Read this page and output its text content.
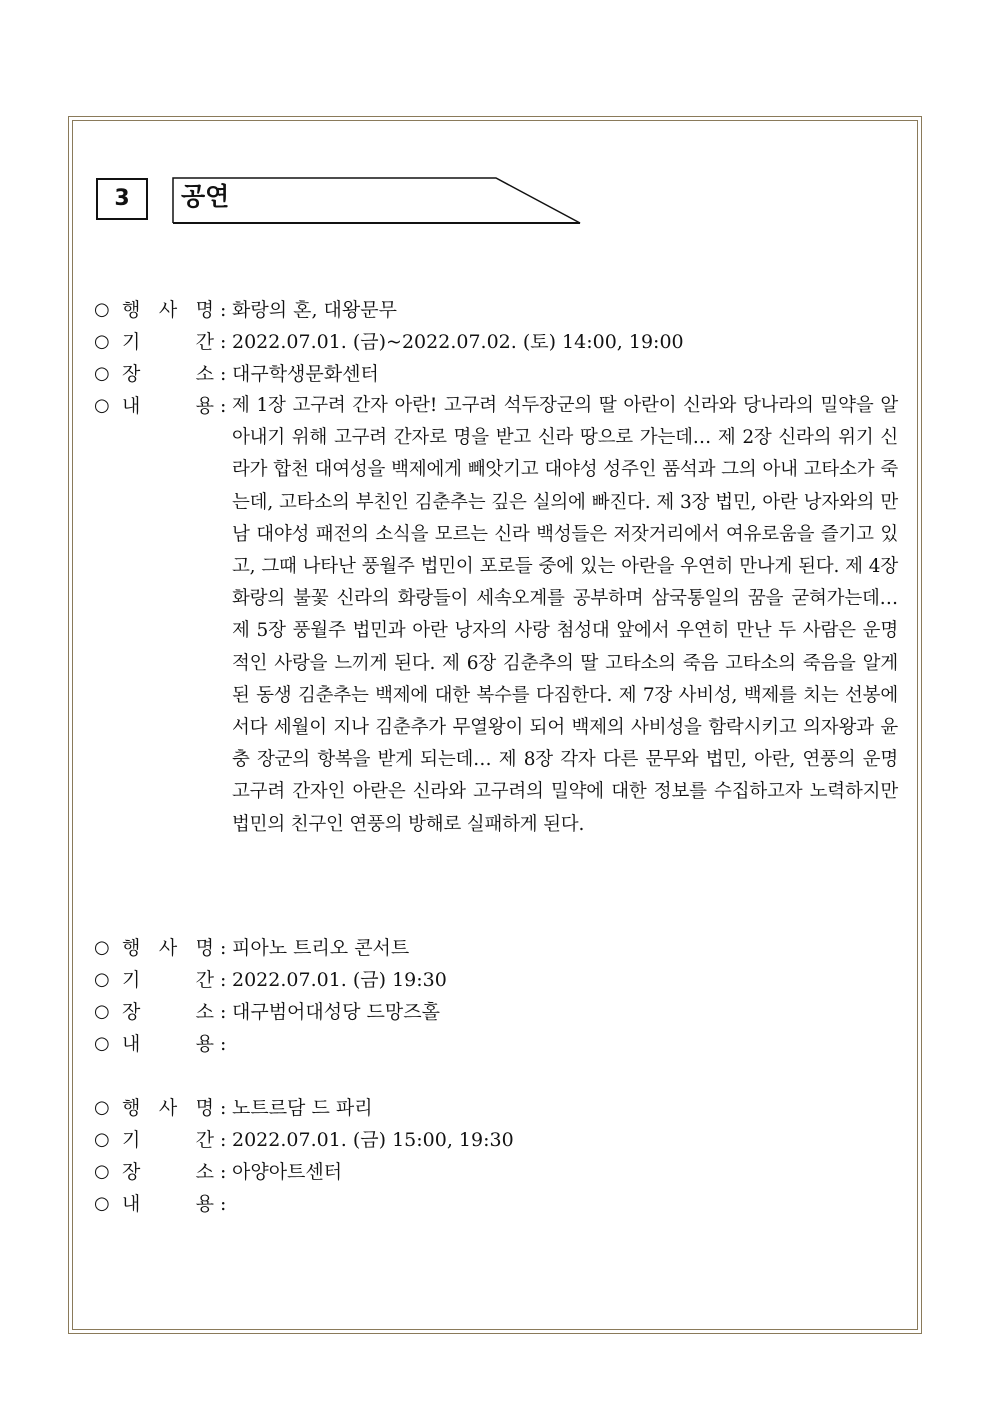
3	공연
○ 행 사 명 : 화랑의 혼, 대왕문무
○ 기	간 : 2022.07.01. (금)~2022.07.02. (토) 14:00, 19:00
○ 장	소 : 대구학생문화센터
○ 내	용 : 제 1장 고구려 간자 아란! 고구려 석두장군의 딸 아란이 신라와 당나라의 밀약을 알아내기 위해 고구려 간자로 명을 받고 신라 땅으로 가는데… 제 2장 신라의 위기 신라가 합천 대여성을 백제에게 빼앗기고 대야성 성주인 품석과 그의 아내 고타소가 죽는데, 고타소의 부친인 김춘추는 깊은 실의에 빠진다. 제 3장 법민, 아란 낭자와의 만남 대야성 패전의 소식을 모르는 신라 백성들은 저잣거리에서 여유로움을 즐기고 있고, 그때 나타난 풍월주 법민이 포로들 중에 있는 아란을 우연히 만나게 된다. 제 4장 화랑의 불꽃 신라의 화랑들이 세속오계를 공부하며 삼국통일의 꿈을 굳혀가는데… 제 5장 풍월주 법민과 아란 낭자의 사랑 첨성대 앞에서 우연히 만난 두 사람은 운명적인 사랑을 느끼게 된다. 제 6장 김춘추의 딸 고타소의 죽음 고타소의 죽음을 알게된 동생 김춘추는 백제에 대한 복수를 다짐한다. 제 7장 사비성, 백제를 치는 선봉에 서다 세월이 지나 김춘추가 무열왕이 되어 백제의 사비성을 함락시키고 의자왕과 윤충 장군의 항복을 받게 되는데… 제 8장 각자 다른 문무와 법민, 아란, 연풍의 운명 고구려 간자인 아란은 신라와 고구려의 밀약에 대한 정보를 수집하고자 노력하지만 법민의 친구인 연풍의 방해로 실패하게 된다.
○ 행 사 명 : 피아노 트리오 콘서트
○ 기	간 : 2022.07.01. (금) 19:30
○ 장	소 : 대구범어대성당 드망즈홀
○ 내	용 :
○ 행 사 명 : 노트르담 드 파리
○ 기	간 : 2022.07.01. (금) 15:00, 19:30
○ 장	소 : 아양아트센터
○ 내	용 :
